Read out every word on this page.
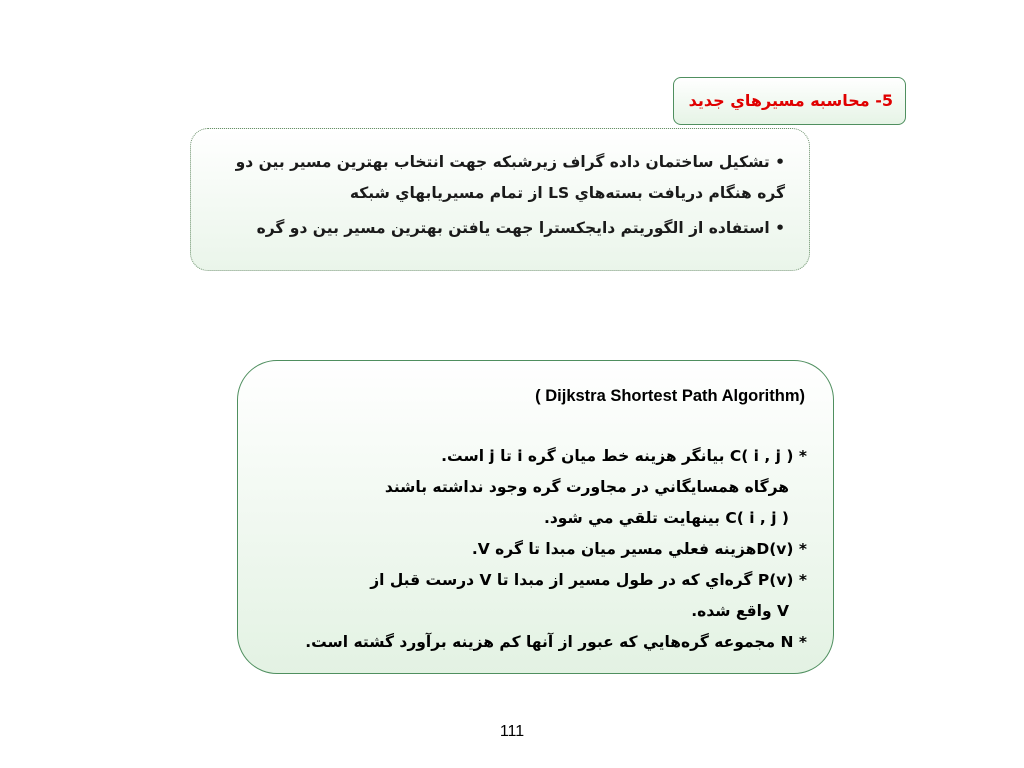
5- محاسبه مسيرهاي جديد

• تشكيل ساختمان داده گراف زيرشبكه جهت انتخاب بهترين مسير بين دو گره هنگام دريافت بسته‌هاي LS از تمام مسيريابهاي شبكه

• استفاده از الگوريتم دايجكسترا جهت يافتن بهترين مسير بين دو گره

( Dijkstra Shortest Path Algorithm)
* C( i , j ) بيانگر هزينه خط ميان گره i تا j است.
هرگاه همسايگاني در مجاورت گره وجود نداشته باشند
C( i , j ) بينهايت تلقي مي شود.
* D(v)هزينه فعلي مسير ميان مبدا تا گره V.
* P(v) گره‌اي كه در طول مسير از مبدا تا V درست قبل از
V واقع شده.
* N مجموعه گره‌هايي كه عبور از آنها كم هزينه برآورد گشته است.
111
